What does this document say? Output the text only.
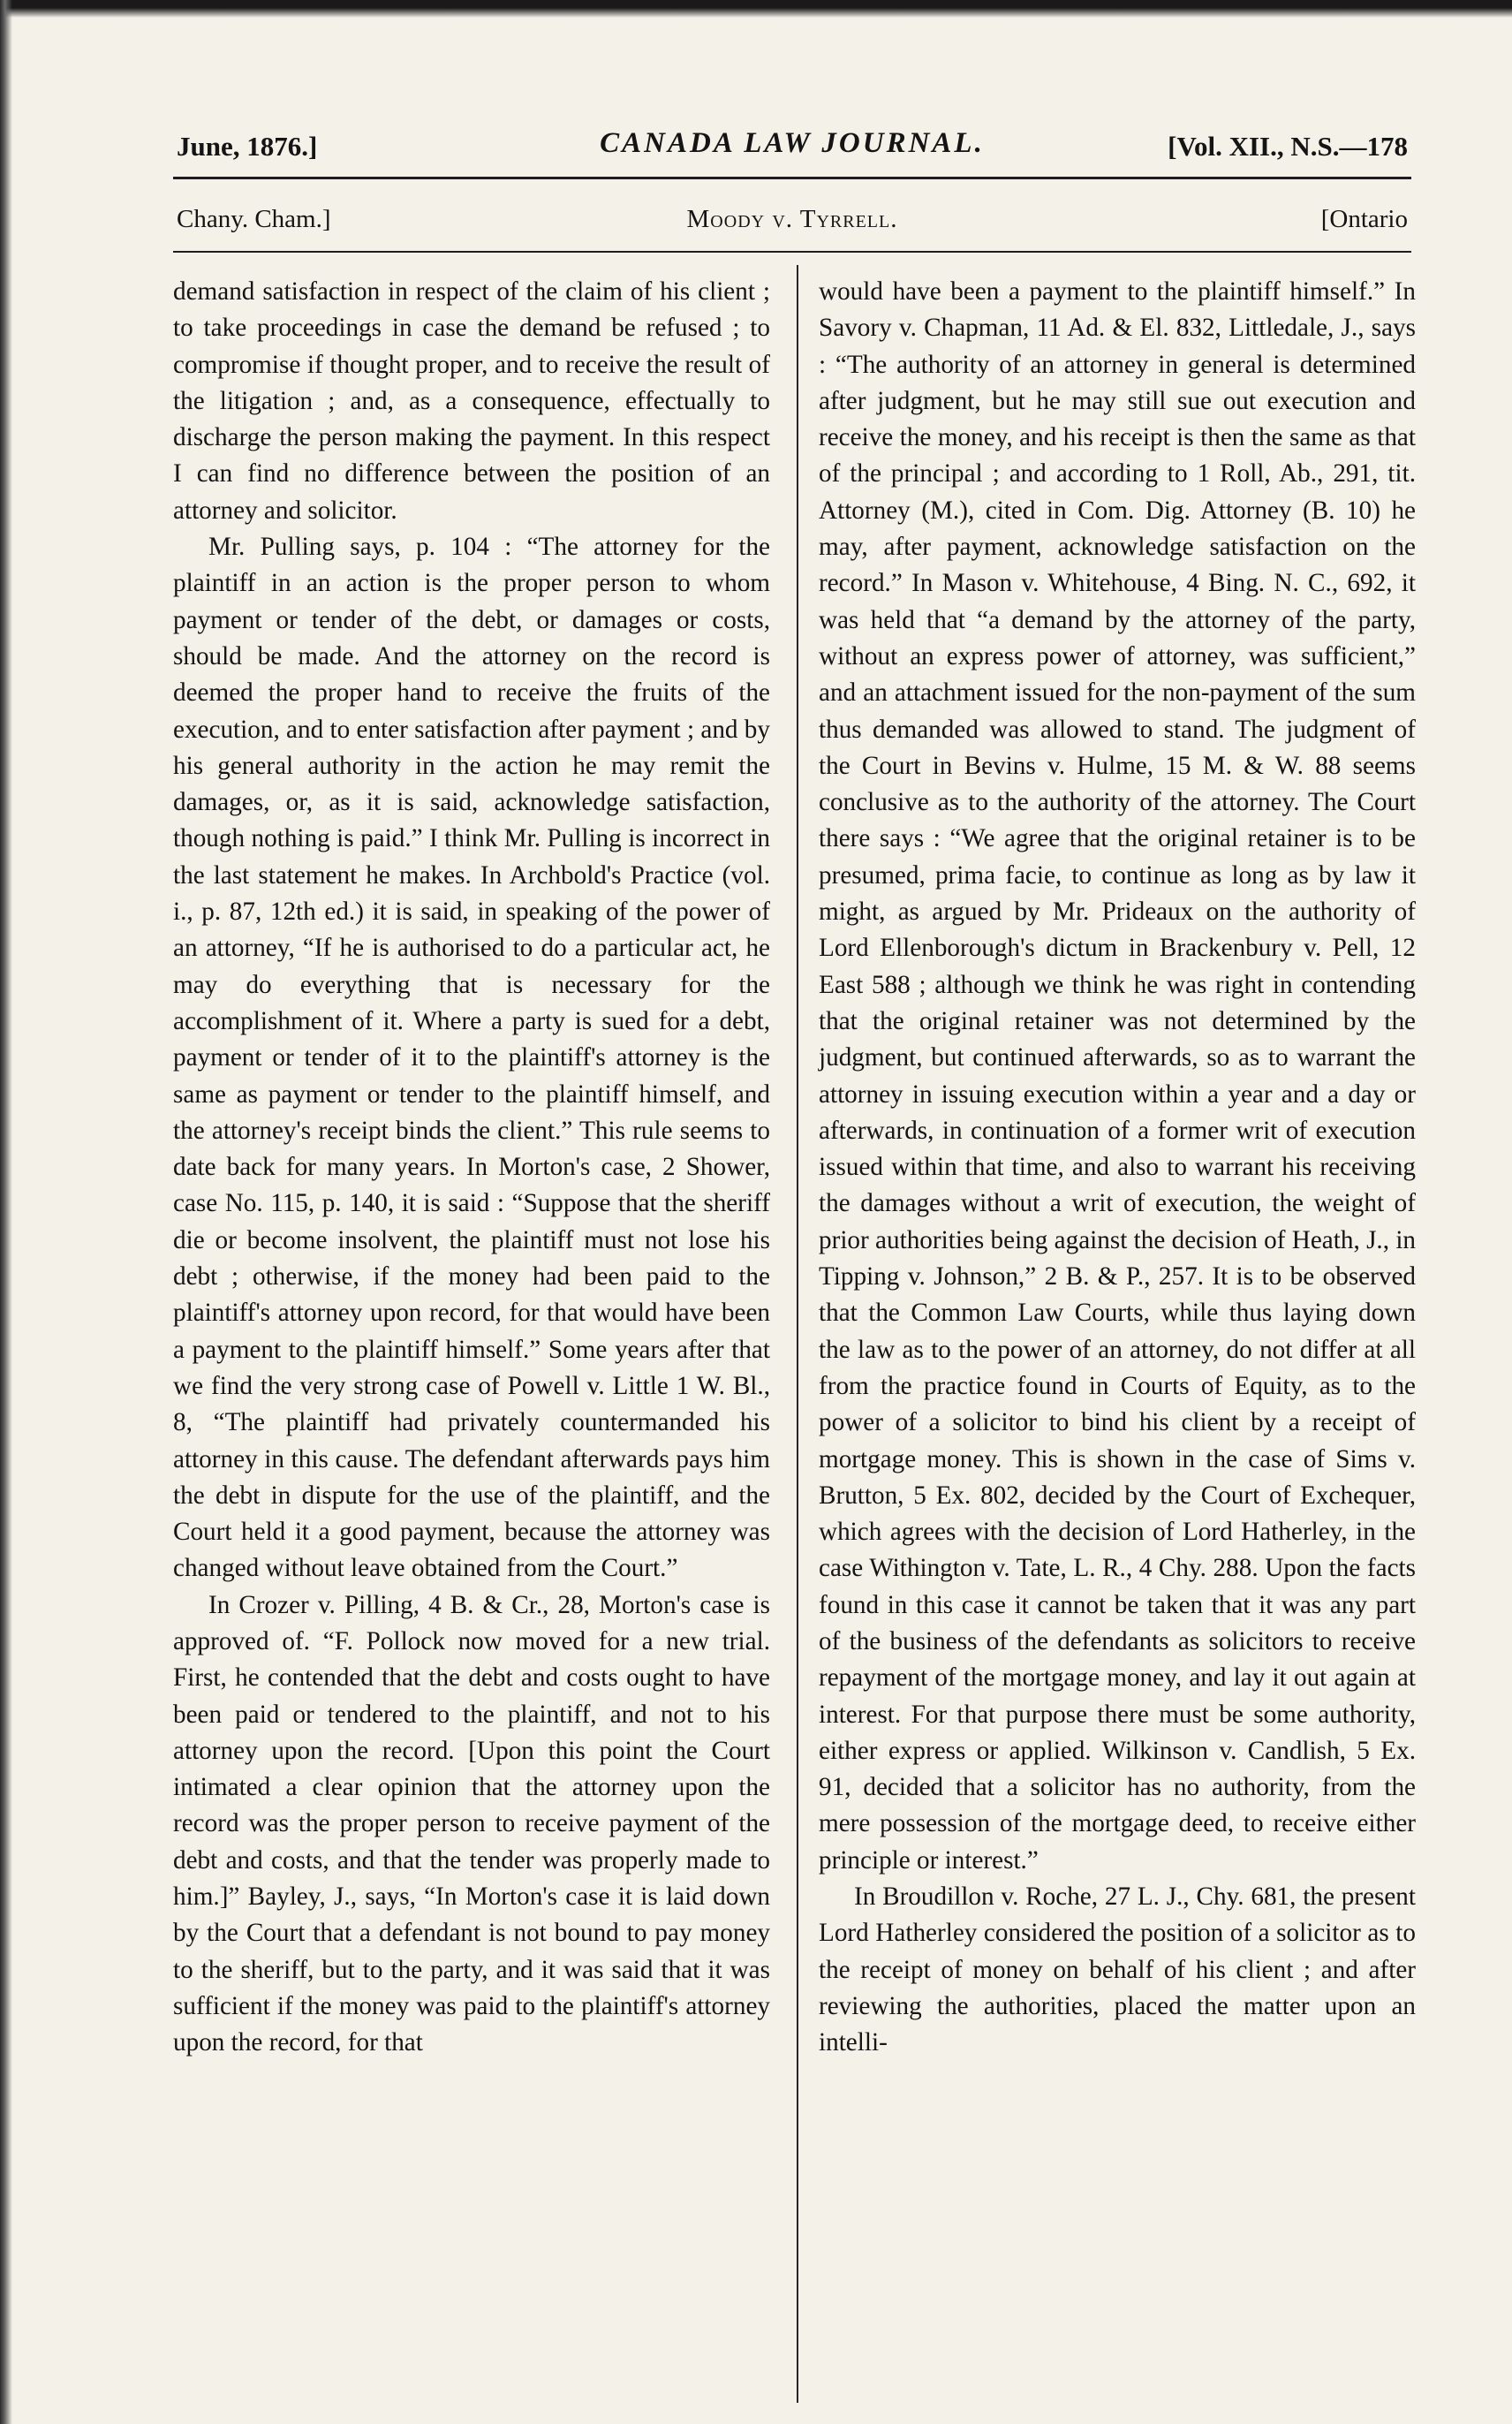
June, 1876.]	CANADA LAW JOURNAL.	[Vol. XII., N.S.—178
Chany. Cham.]	Moody v. Tyrrell.	[Ontario

demand satisfaction in respect of the claim of his client ; to take proceedings in case the demand be refused ; to compromise if thought proper, and to receive the result of the litigation ; and, as a consequence, effectually to discharge the person making the payment. In this respect I can find no difference between the position of an attorney and solicitor.

Mr. Pulling says, p. 104 : “The attorney for the plaintiff in an action is the proper person to whom payment or tender of the debt, or damages or costs, should be made. And the attorney on the record is deemed the proper hand to receive the fruits of the execution, and to enter satisfaction after payment ; and by his general authority in the action he may remit the damages, or, as it is said, acknowledge satisfaction, though nothing is paid.” I think Mr. Pulling is incorrect in the last statement he makes. In Archbold's Practice (vol. i., p. 87, 12th ed.) it is said, in speaking of the power of an attorney, “If he is authorised to do a particular act, he may do everything that is necessary for the accomplishment of it. Where a party is sued for a debt, payment or tender of it to the plaintiff's attorney is the same as payment or tender to the plaintiff himself, and the attorney's receipt binds the client.” This rule seems to date back for many years. In Morton's case, 2 Shower, case No. 115, p. 140, it is said : “Suppose that the sheriff die or become insolvent, the plaintiff must not lose his debt ; otherwise, if the money had been paid to the plaintiff's attorney upon record, for that would have been a payment to the plaintiff himself.” Some years after that we find the very strong case of Powell v. Little 1 W. Bl., 8, “The plaintiff had privately countermanded his attorney in this cause. The defendant afterwards pays him the debt in dispute for the use of the plaintiff, and the Court held it a good payment, because the attorney was changed without leave obtained from the Court.”

In Crozer v. Pilling, 4 B. & Cr., 28, Morton's case is approved of. “F. Pollock now moved for a new trial. First, he contended that the debt and costs ought to have been paid or tendered to the plaintiff, and not to his attorney upon the record. [Upon this point the Court intimated a clear opinion that the attorney upon the record was the proper person to receive payment of the debt and costs, and that the tender was properly made to him.]” Bayley, J., says, “In Morton's case it is laid down by the Court that a defendant is not bound to pay money to the sheriff, but to the party, and it was said that it was sufficient if the money was paid to the plaintiff's attorney upon the record, for that

would have been a payment to the plaintiff himself.” In Savory v. Chapman, 11 Ad. & El. 832, Littledale, J., says : “The authority of an attorney in general is determined after judgment, but he may still sue out execution and receive the money, and his receipt is then the same as that of the principal ; and according to 1 Roll, Ab., 291, tit. Attorney (M.), cited in Com. Dig. Attorney (B. 10) he may, after payment, acknowledge satisfaction on the record.” In Mason v. Whitehouse, 4 Bing. N. C., 692, it was held that “a demand by the attorney of the party, without an express power of attorney, was sufficient,” and an attachment issued for the non-payment of the sum thus demanded was allowed to stand. The judgment of the Court in Bevins v. Hulme, 15 M. & W. 88 seems conclusive as to the authority of the attorney. The Court there says : “We agree that the original retainer is to be presumed, prima facie, to continue as long as by law it might, as argued by Mr. Prideaux on the authority of Lord Ellenborough's dictum in Brackenbury v. Pell, 12 East 588 ; although we think he was right in contending that the original retainer was not determined by the judgment, but continued afterwards, so as to warrant the attorney in issuing execution within a year and a day or afterwards, in continuation of a former writ of execution issued within that time, and also to warrant his receiving the damages without a writ of execution, the weight of prior authorities being against the decision of Heath, J., in Tipping v. Johnson,” 2 B. & P., 257. It is to be observed that the Common Law Courts, while thus laying down the law as to the power of an attorney, do not differ at all from the practice found in Courts of Equity, as to the power of a solicitor to bind his client by a receipt of mortgage money. This is shown in the case of Sims v. Brutton, 5 Ex. 802, decided by the Court of Exchequer, which agrees with the decision of Lord Hatherley, in the case Withington v. Tate, L. R., 4 Chy. 288. Upon the facts found in this case it cannot be taken that it was any part of the business of the defendants as solicitors to receive repayment of the mortgage money, and lay it out again at interest. For that purpose there must be some authority, either express or applied. Wilkinson v. Candlish, 5 Ex. 91, decided that a solicitor has no authority, from the mere possession of the mortgage deed, to receive either principle or interest.”

In Broudillon v. Roche, 27 L. J., Chy. 681, the present Lord Hatherley considered the position of a solicitor as to the receipt of money on behalf of his client ; and after reviewing the authorities, placed the matter upon an intelli-
